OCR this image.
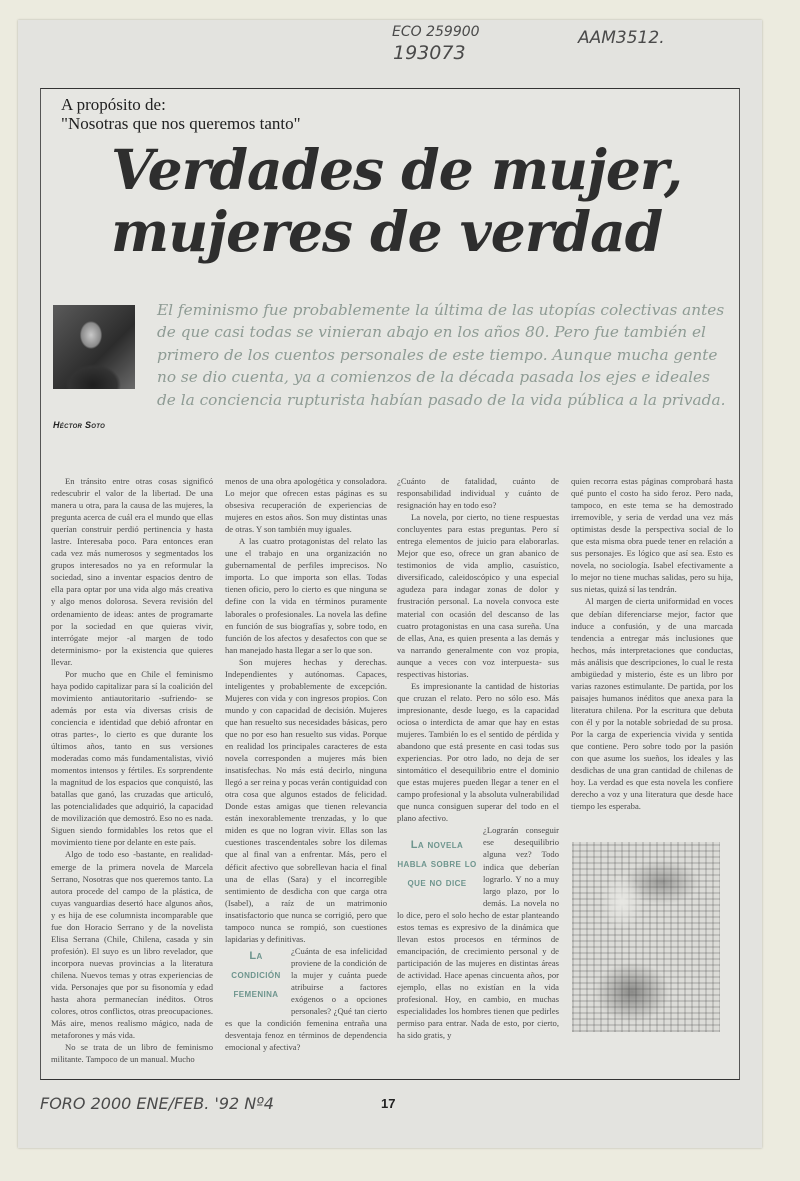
ECO 259900
193073
AAM3512.
A propósito de:
"Nosotras que nos queremos tanto"
Verdades de mujer,
mujeres de verdad
Héctor Soto
El feminismo fue probablemente la última de las utopías colectivas antes de que casi todas se vinieran abajo en los años 80. Pero fue también el primero de los cuentos personales de este tiempo. Aunque mucha gente no se dio cuenta, ya a comienzos de la década pasada los ejes e ideales de la conciencia rupturista habían pasado de la vida pública a la privada.

En tránsito entre otras cosas significó redescubrir el valor de la libertad. De una manera u otra, para la causa de las mujeres, la pregunta acerca de cuál era el mundo que ellas querían construir perdió pertinencia y hasta lastre. Interesaba poco. Para entonces eran cada vez más numerosos y segmentados los grupos interesados no ya en reformular la sociedad, sino a inventar espacios dentro de ella para optar por una vida algo más creativa y algo menos dolorosa. Severa revisión del ordenamiento de ideas: antes de programarte por la sociedad en que quieras vivir, interrógate mejor -al margen de todo determinismo- por la existencia que quieres llevar.

Por mucho que en Chile el feminismo haya podido capitalizar para sí la coalición del movimiento antiautoritario -sufriendo- se además por esta vía diversas crisis de conciencia e identidad que debió afrontar en otras partes-, lo cierto es que durante los últimos años, tanto en sus versiones moderadas como más fundamentalistas, vivió momentos intensos y fértiles. Es sorprendente la magnitud de los espacios que conquistó, las batallas que ganó, las cruzadas que articuló, las potencialidades que adquirió, la capacidad de movilización que demostró. Eso no es nada. Siguen siendo formidables los retos que el movimiento tiene por delante en este país.

Algo de todo eso -bastante, en realidad- emerge de la primera novela de Marcela Serrano, Nosotras que nos queremos tanto. La autora procede del campo de la plástica, de cuyas vanguardias desertó hace algunos años, y es hija de ese columnista incomparable que fue don Horacio Serrano y de la novelista Elisa Serrana (Chile, Chilena, casada y sin profesión). El suyo es un libro revelador, que incorpora nuevas provincias a la literatura chilena. Nuevos temas y otras experiencias de vida. Personajes que por su fisonomía y edad hasta ahora permanecían inéditos. Otros colores, otros conflictos, otras preocupaciones. Más aire, menos realismo mágico, nada de metaforones y más vida.

No se trata de un libro de feminismo militante. Tampoco de un manual. Mucho

menos de una obra apologética y consoladora. Lo mejor que ofrecen estas páginas es su obsesiva recuperación de experiencias de mujeres en estos años. Son muy distintas unas de otras. Y son también muy iguales.

A las cuatro protagonistas del relato las une el trabajo en una organización no gubernamental de perfiles imprecisos. No importa. Lo que importa son ellas. Todas tienen oficio, pero lo cierto es que ninguna se define con la vida en términos puramente laborales o profesionales. La novela las define en función de sus biografías y, sobre todo, en función de los afectos y desafectos con que se han manejado hasta llegar a ser lo que son.

Son mujeres hechas y derechas. Independientes y autónomas. Capaces, inteligentes y probablemente de excepción. Mujeres con vida y con ingresos propios. Con mundo y con capacidad de decisión. Mujeres que han resuelto sus necesidades básicas, pero que no por eso han resuelto sus vidas. Porque en realidad los principales caracteres de esta novela corresponden a mujeres más bien insatisfechas. No más está decirlo, ninguna llegó a ser reina y pocas verán contiguidad con otra cosa que algunos estados de felicidad. Donde estas amigas que tienen relevancia están inexorablemente trenzadas, y lo que miden es que no logran vivir. Ellas son las cuestiones trascendentales sobre los dilemas que al final van a enfrentar. Más, pero el déficit afectivo que sobrellevan hacia el final una de ellas (Sara) y el incorregible sentimiento de desdicha con que carga otra (Isabel), a raíz de un matrimonio insatisfactorio que nunca se corrigió, pero que tampoco nunca se rompió, son cuestiones lapidarias y definitivas.

La condición femenina

¿Cuánta de esa infelicidad proviene de la condición de la mujer y cuánta puede atribuirse a factores exógenos o a opciones personales? ¿Qué tan cierto es que la condición femenina entraña una desventaja fenoz en términos de dependencia emocional y afectiva?

¿Cuánto de fatalidad, cuánto de responsabilidad individual y cuánto de resignación hay en todo eso?

La novela, por cierto, no tiene respuestas concluyentes para estas preguntas. Pero sí entrega elementos de juicio para elaborarlas. Mejor que eso, ofrece un gran abanico de testimonios de vida amplio, casuístico, diversificado, caleidoscópico y una especial agudeza para indagar zonas de dolor y frustración personal. La novela convoca este material con ocasión del descanso de las cuatro protagonistas en una casa sureña. Una de ellas, Ana, es quien presenta a las demás y va narrando generalmente con voz propia, aunque a veces con voz interpuesta- sus respectivas historias.

Es impresionante la cantidad de historias que cruzan el relato. Pero no sólo eso. Más impresionante, desde luego, es la capacidad ociosa o interdicta de amar que hay en estas mujeres. También lo es el sentido de pérdida y abandono que está presente en casi todas sus experiencias. Por otro lado, no deja de ser sintomático el desequilibrio entre el dominio que estas mujeres pueden llegar a tener en el campo profesional y la absoluta vulnerabilidad que nunca consiguen superar del todo en el plano afectivo.

La novela habla sobre lo que no dice

¿Lograrán conseguir ese desequilibrio alguna vez? Todo indica que deberían lograrlo. Y no a muy largo plazo, por lo demás. La novela no lo dice, pero el solo hecho de estar planteando estos temas es expresivo de la dinámica que llevan estos procesos en términos de emancipación, de crecimiento personal y de participación de las mujeres en distintas áreas de actividad. Hace apenas cincuenta años, por ejemplo, ellas no existían en la vida profesional. Hoy, en cambio, en muchas especialidades los hombres tienen que pedirles permiso para entrar. Nada de esto, por cierto, ha sido gratis, y

quien recorra estas páginas comprobará hasta qué punto el costo ha sido feroz. Pero nada, tampoco, en este tema se ha demostrado irremovible, y seria de verdad una vez más optimistas desde la perspectiva social de lo que esta misma obra puede tener en relación a sus personajes. Es lógico que así sea. Esto es novela, no sociología. Isabel efectivamente a lo mejor no tiene muchas salidas, pero su hija, sus nietas, quizá sí las tendrán.

Al margen de cierta uniformidad en voces que debían diferenciarse mejor, factor que induce a confusión, y de una marcada tendencia a entregar más inclusiones que hechos, más interpretaciones que conductas, más análisis que descripciones, lo cual le resta ambigüedad y misterio, éste es un libro por varias razones estimulante. De partida, por los paisajes humanos inéditos que anexa para la literatura chilena. Por la escritura que debuta con él y por la notable sobriedad de su prosa. Por la carga de experiencia vivida y sentida que contiene. Pero sobre todo por la pasión con que asume los sueños, los ideales y las desdichas de una gran cantidad de chilenas de hoy. La verdad es que esta novela les confiere derecho a voz y una literatura que desde hace tiempo les esperaba.

FORO 2000 ENE/FEB. '92 Nº4	17
